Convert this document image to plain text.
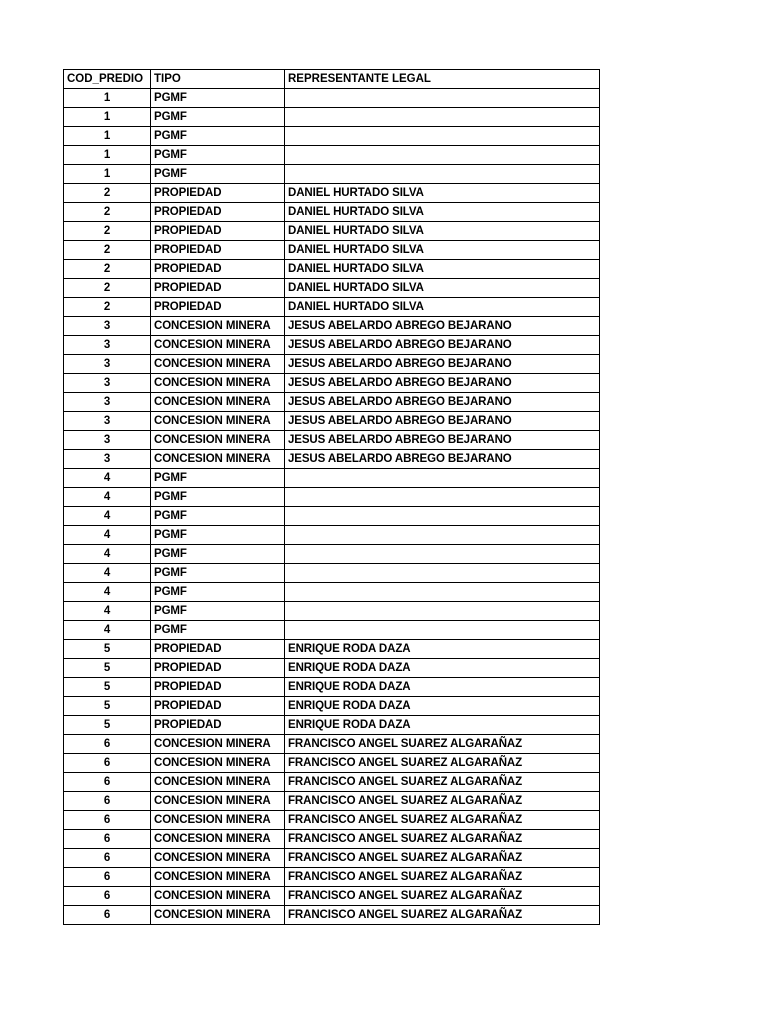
COD_PREDIO	TIPO	REPRESENTANTE LEGAL
1	PGMF	
1	PGMF	
1	PGMF	
1	PGMF	
1	PGMF	
2	PROPIEDAD	DANIEL HURTADO SILVA
2	PROPIEDAD	DANIEL HURTADO SILVA
2	PROPIEDAD	DANIEL HURTADO SILVA
2	PROPIEDAD	DANIEL HURTADO SILVA
2	PROPIEDAD	DANIEL HURTADO SILVA
2	PROPIEDAD	DANIEL HURTADO SILVA
2	PROPIEDAD	DANIEL HURTADO SILVA
3	CONCESION MINERA	JESUS ABELARDO ABREGO BEJARANO
3	CONCESION MINERA	JESUS ABELARDO ABREGO BEJARANO
3	CONCESION MINERA	JESUS ABELARDO ABREGO BEJARANO
3	CONCESION MINERA	JESUS ABELARDO ABREGO BEJARANO
3	CONCESION MINERA	JESUS ABELARDO ABREGO BEJARANO
3	CONCESION MINERA	JESUS ABELARDO ABREGO BEJARANO
3	CONCESION MINERA	JESUS ABELARDO ABREGO BEJARANO
3	CONCESION MINERA	JESUS ABELARDO ABREGO BEJARANO
4	PGMF	
4	PGMF	
4	PGMF	
4	PGMF	
4	PGMF	
4	PGMF	
4	PGMF	
4	PGMF	
4	PGMF	
5	PROPIEDAD	ENRIQUE RODA DAZA
5	PROPIEDAD	ENRIQUE RODA DAZA
5	PROPIEDAD	ENRIQUE RODA DAZA
5	PROPIEDAD	ENRIQUE RODA DAZA
5	PROPIEDAD	ENRIQUE RODA DAZA
6	CONCESION MINERA	FRANCISCO ANGEL SUAREZ ALGARAÑAZ
6	CONCESION MINERA	FRANCISCO ANGEL SUAREZ ALGARAÑAZ
6	CONCESION MINERA	FRANCISCO ANGEL SUAREZ ALGARAÑAZ
6	CONCESION MINERA	FRANCISCO ANGEL SUAREZ ALGARAÑAZ
6	CONCESION MINERA	FRANCISCO ANGEL SUAREZ ALGARAÑAZ
6	CONCESION MINERA	FRANCISCO ANGEL SUAREZ ALGARAÑAZ
6	CONCESION MINERA	FRANCISCO ANGEL SUAREZ ALGARAÑAZ
6	CONCESION MINERA	FRANCISCO ANGEL SUAREZ ALGARAÑAZ
6	CONCESION MINERA	FRANCISCO ANGEL SUAREZ ALGARAÑAZ
6	CONCESION MINERA	FRANCISCO ANGEL SUAREZ ALGARAÑAZ
